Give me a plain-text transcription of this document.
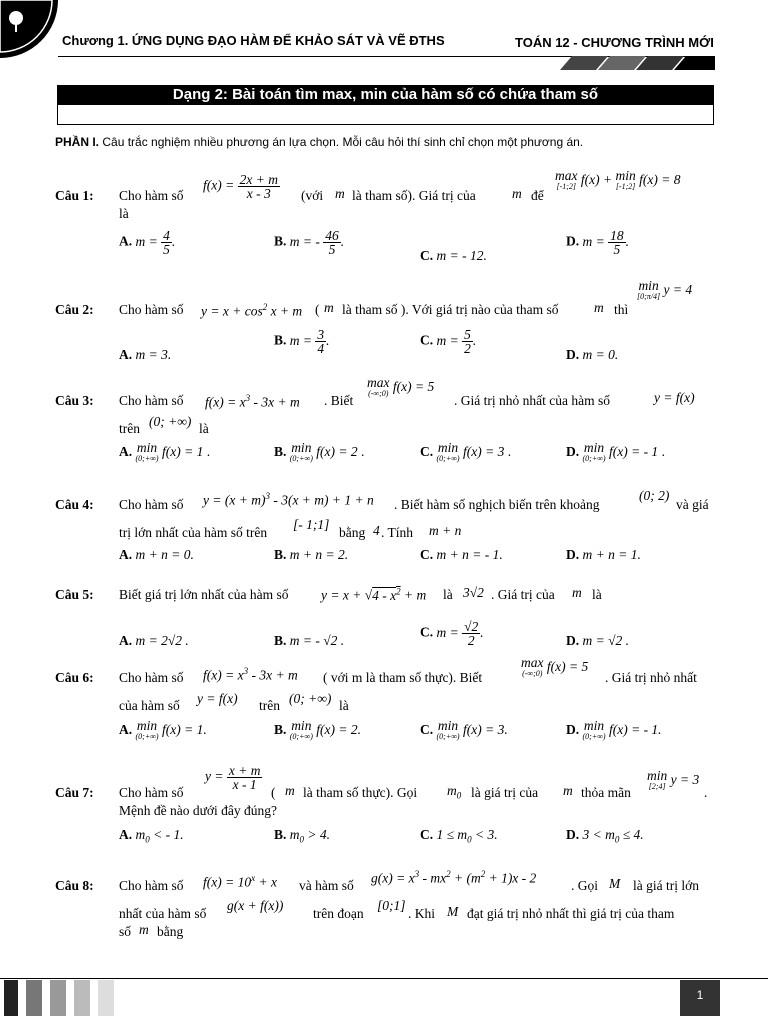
Chương 1. ỨNG DỤNG ĐẠO HÀM ĐỂ KHẢO SÁT VÀ VẼ ĐTHS	TOÁN 12 - CHƯƠNG TRÌNH MỚI
Dạng 2: Bài toán tìm max, min của hàm số có chứa tham số
PHẦN I. Câu trắc nghiệm nhiều phương án lựa chọn. Mỗi câu hỏi thí sinh chỉ chọn một phương án.
Câu 1: Cho hàm số
$f(x) = \frac{2x + m}{x - 3}$ (với m là tham số). Giá trị của	m để
max
[-1;2] f(x) + min
[-1;2] f(x) = 8
là
A. $m = \frac{4}{5}$ .	B. m = - $\frac{46}{5}$ .
C. m = - 12.
D. $m = \frac{18}{5}$ .
Câu 2: Cho hàm số $y = x + \cos^2 x + m$ ( m là tham số ). Với giá trị nào của tham số	m thì
min
[0;π/4] y = 4
A. m = 3.
B. $m = \frac{3}{4}$ .	C. $m = \frac{5}{2}$ .
D. m = 0.
Câu 3: Cho hàm số $f(x) = x^3 - 3x + m$ . Biết
max
(-∞;0) f(x) = 5
. Giá trị nhỏ nhất của hàm số	y = f(x)
trên (0; +∞) là
A. min
(0;+∞) f(x) = 1 .	B. min
(0;+∞) f(x) = 2 .	C. min
(0;+∞) f(x) = 3 .	D. min
(0;+∞) f(x) = - 1 .
Câu 4: Cho hàm số $y = (x + m)^3 - 3(x + m) + 1 + n$ . Biết hàm số nghịch biến trên khoảng
(0; 2)
và giá
trị lớn nhất của hàm số trên
[- 1;1]
bằng 4 . Tính m + n
A. m + n = 0.	B. m + n = 2.	C. m + n = - 1.	D. m + n = 1.
Câu 5: Biết giá trị lớn nhất của hàm số $y = x + √4 - x^2 + m$ là 3√2 . Giá trị của m là
A. m = 2√2 .	B. m = - √2 .
C. $m = \frac{√2}{2}$ .
D. m = √2 .
Câu 6: Cho hàm số $f(x) = x^3 - 3x + m$ ( với m là tham số thực). Biết
max
(-∞;0) f(x) = 5
. Giá trị nhỏ nhất
của hàm số y = f(x) trên (0; +∞) là
A. min
(0;+∞) f(x) = 1.	B. min
(0;+∞) f(x) = 2.	C. min
(0;+∞) f(x) = 3.	D. min
(0;+∞) f(x) = - 1.
Câu 7: Cho hàm số
$y = \frac{x + m}{x - 1}$
( m là tham số thực). Gọi $m_0$ là giá trị của m thỏa mãn
min
[2;4] y = 3
.
Mệnh đề nào dưới đây đúng?
A. $m_0$ < - 1.	B. $m_0 > 4$.	C. $1 \le m_0 < 3$.	D. $3 < m_0 \le 4$.
Câu 8: Cho hàm số $f(x) = 10^x + x$ và hàm số $g(x) = x^3 - mx^2 + (m^2 + 1)x - 2$	. Gọi M là giá trị lớn
nhất của hàm số
g(x + f(x))
trên đoạn
[0;1]
. Khi M đạt giá trị nhỏ nhất thì giá trị của tham
số m bằng
1
